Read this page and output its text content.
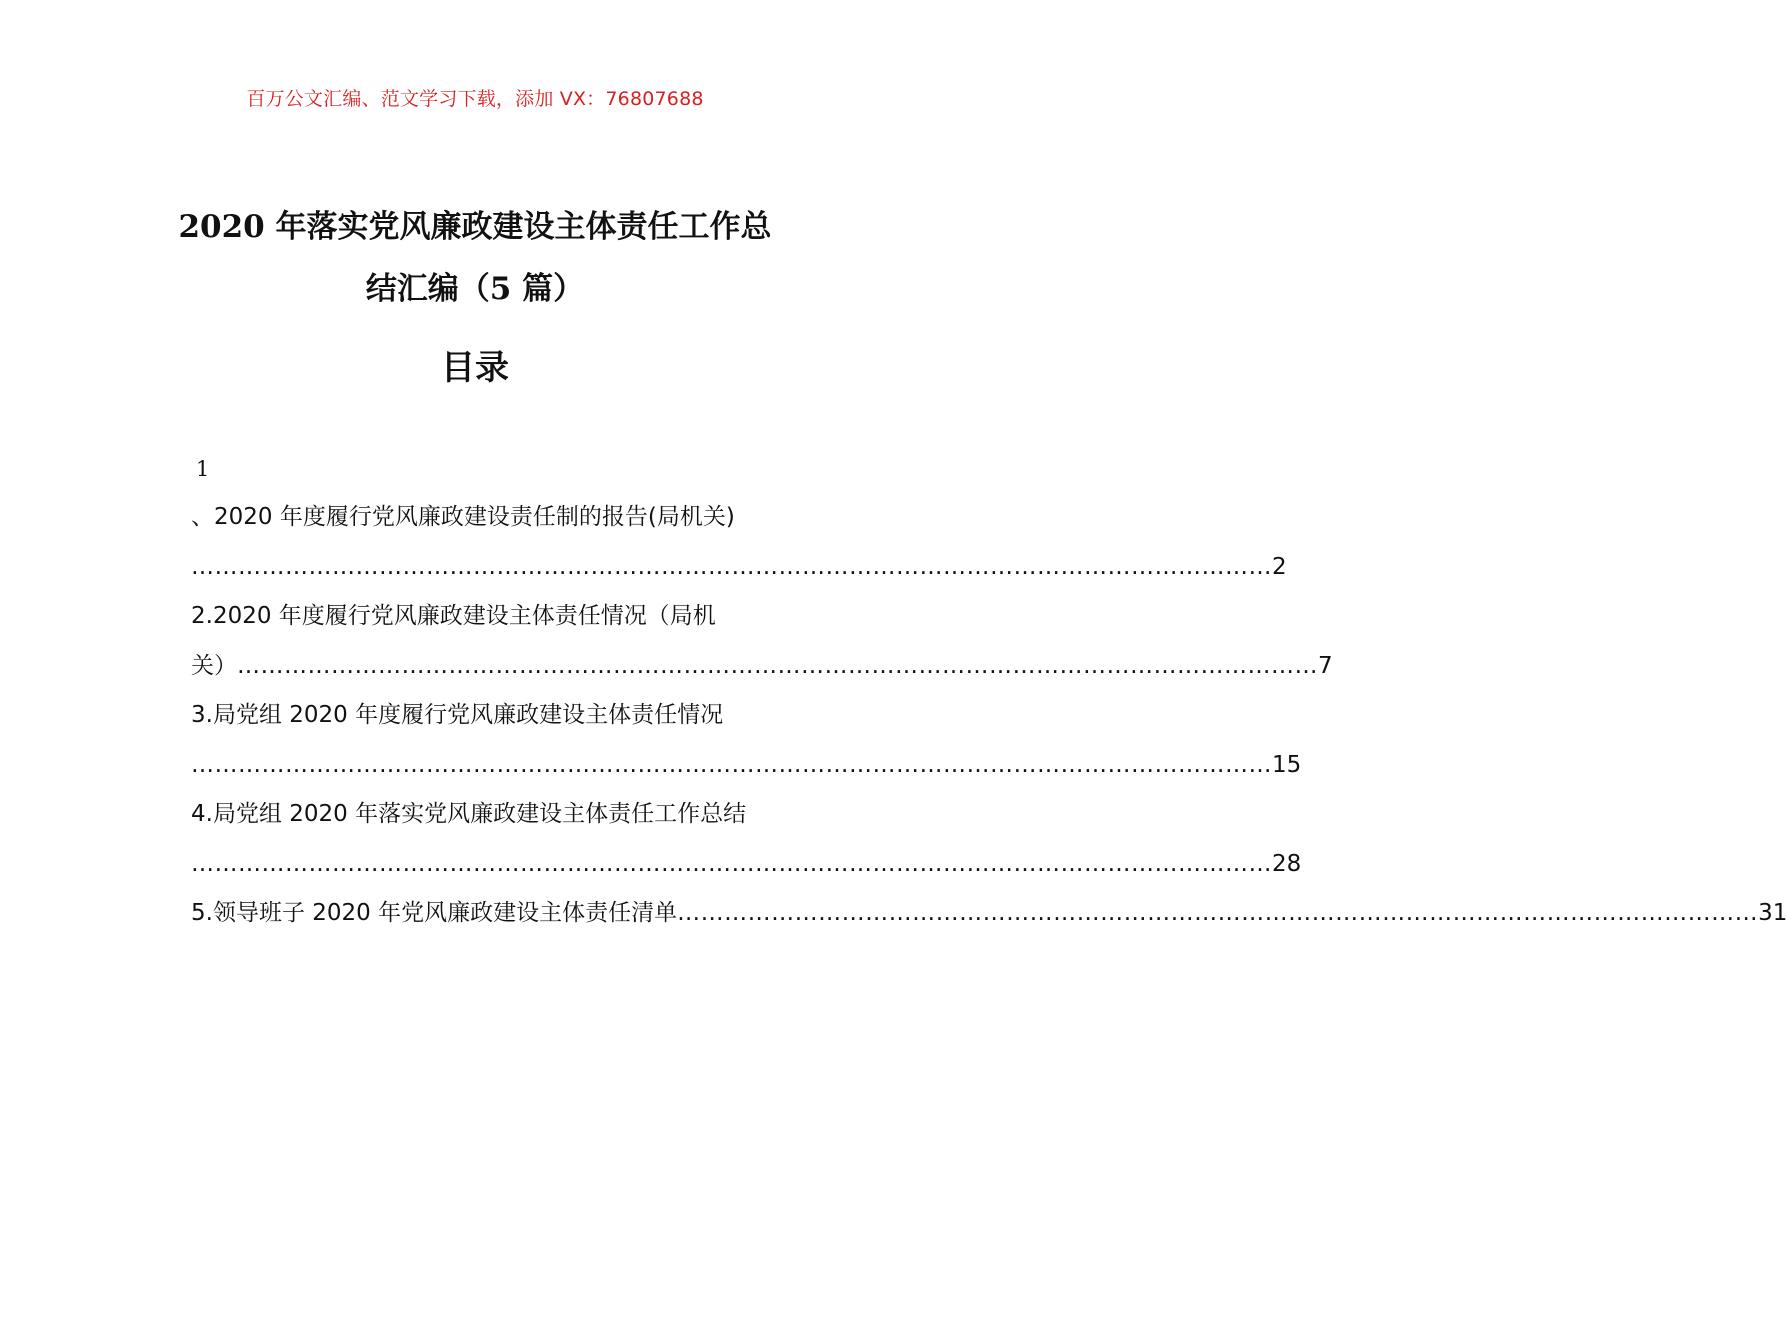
百万公文汇编、范文学习下载，添加 VX：76807688
2020 年落实党风廉政建设主体责任工作总
结汇编（5 篇）
目录
1
、2020 年度履行党风廉政建设责任制的报告(局机关)
………………………………………………………………………………………………………………………… 2
2.2020 年度履行党风廉政建设主体责任情况（局机
关） ………………………………………………………………………………………………………………………… 7
3.局党组 2020 年度履行党风廉政建设主体责任情况
………………………………………………………………………………………………………………………… 15
4.局党组 2020 年落实党风廉政建设主体责任工作总结
………………………………………………………………………………………………………………………… 28
5.领导班子 2020 年党风廉政建设主体责任清单 ………………………………………………………………………………………………………………………… 31
